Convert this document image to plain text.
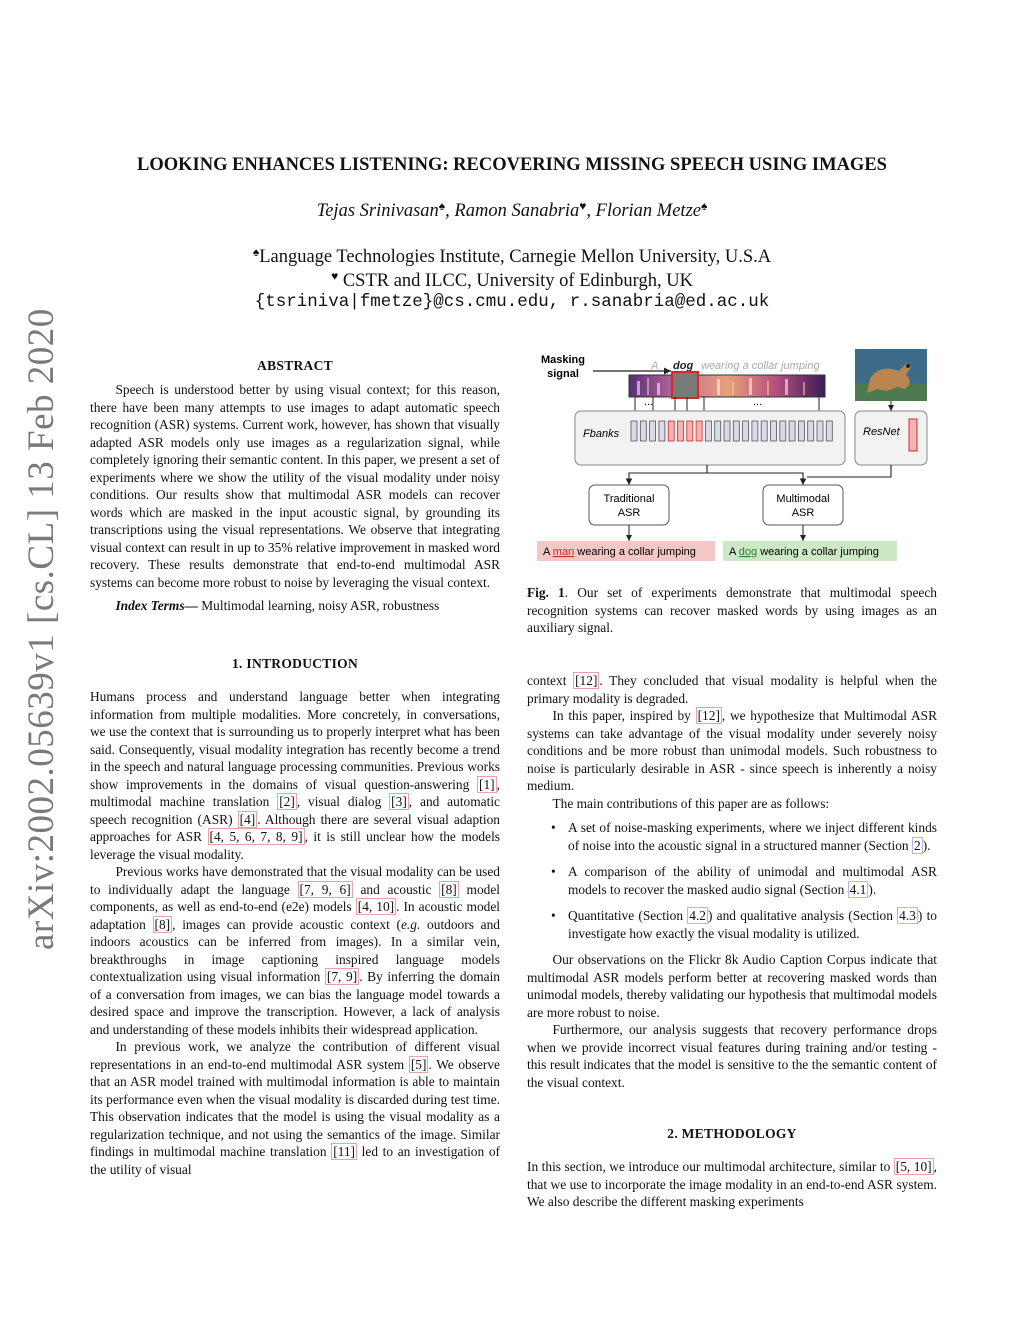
arXiv:2002.05639v1 [cs.CL] 13 Feb 2020
LOOKING ENHANCES LISTENING: RECOVERING MISSING SPEECH USING IMAGES
Tejas Srinivasan♠, Ramon Sanabria♥, Florian Metze♠
♠Language Technologies Institute, Carnegie Mellon University, U.S.A
♥ CSTR and ILCC, University of Edinburgh, UK
{tsriniva|fmetze}@cs.cmu.edu, r.sanabria@ed.ac.uk
ABSTRACT

Speech is understood better by using visual context; for this reason, there have been many attempts to use images to adapt automatic speech recognition (ASR) systems. Current work, however, has shown that visually adapted ASR models only use images as a regularization signal, while completely ignoring their semantic content. In this paper, we present a set of experiments where we show the utility of the visual modality under noisy conditions. Our results show that multimodal ASR models can recover words which are masked in the input acoustic signal, by grounding its transcriptions using the visual representations. We observe that integrating visual context can result in up to 35% relative improvement in masked word recovery. These results demonstrate that end-to-end multimodal ASR systems can become more robust to noise by leveraging the visual context.

Index Terms— Multimodal learning, noisy ASR, robustness

1. INTRODUCTION

Humans process and understand language better when integrating information from multiple modalities. More concretely, in conversations, we use the context that is surrounding us to properly interpret what has been said. Consequently, visual modality integration has recently become a trend in the speech and natural language processing communities. Previous works show improvements in the domains of visual question-answering [1] , multimodal machine translation [2] , visual dialog [3] , and automatic speech recognition (ASR) [4] . Although there are several visual adaption approaches for ASR [4, 5, 6, 7, 8, 9] , it is still unclear how the models leverage the visual modality.

Previous works have demonstrated that the visual modality can be used to individually adapt the language [7, 9, 6] and acoustic [8] model components, as well as end-to-end (e2e) models [4, 10] . In acoustic model adaptation [8] , images can provide acoustic context (e.g. outdoors and indoors acoustics can be inferred from images). In a similar vein, breakthroughs in image captioning inspired language models contextualization using visual information [7, 9] . By inferring the domain of a conversation from images, we can bias the language model towards a desired space and improve the transcription. However, a lack of analysis and understanding of these models inhibits their widespread application.

In previous work, we analyze the contribution of different visual representations in an end-to-end multimodal ASR system [5] . We observe that an ASR model trained with multimodal information is able to maintain its performance even when the visual modality is discarded during test time. This observation indicates that the model is using the visual modality as a regularization technique, and not using the semantics of the image. Similar findings in multimodal machine translation [11] led to an investigation of the utility of visual

Masking
signal
A dog wearing a collar jumping
...	...
Fbanks	ResNet
Traditional
ASR
Multimodal
ASR
A man wearing a collar jumping	A dog wearing a collar jumping
Fig. 1. Our set of experiments demonstrate that multimodal speech recognition systems can recover masked words by using images as an auxiliary signal.

context [12] . They concluded that visual modality is helpful when the primary modality is degraded.

In this paper, inspired by [12] , we hypothesize that Multimodal ASR systems can take advantage of the visual modality under severely noisy conditions and be more robust than unimodal models. Such robustness to noise is particularly desirable in ASR - since speech is inherently a noisy medium.

The main contributions of this paper are as follows:

• A set of noise-masking experiments, where we inject different kinds of noise into the acoustic signal in a structured manner (Section 2 ).
• A comparison of the ability of unimodal and multimodal ASR models to recover the masked audio signal (Section 4.1 ).
• Quantitative (Section 4.2 ) and qualitative analysis (Section 4.3 ) to investigate how exactly the visual modality is utilized.

Our observations on the Flickr 8k Audio Caption Corpus indicate that multimodal ASR models perform better at recovering masked words than unimodal models, thereby validating our hypothesis that multimodal models are more robust to noise.

Furthermore, our analysis suggests that recovery performance drops when we provide incorrect visual features during training and/or testing - this result indicates that the model is sensitive to the the semantic content of the visual context.

2. METHODOLOGY

In this section, we introduce our multimodal architecture, similar to [5, 10] , that we use to incorporate the image modality in an end-to-end ASR system. We also describe the different masking experiments
